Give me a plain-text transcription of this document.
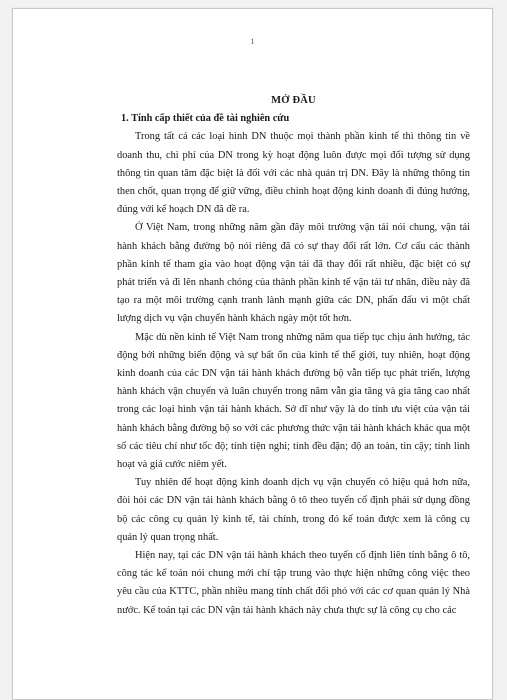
1

MỞ ĐẦU

1. Tính cấp thiết của đề tài nghiên cứu

Trong tất cả các loại hình DN thuộc mọi thành phần kinh tế thì thông tin về doanh thu, chi phí của DN trong kỳ hoạt động luôn được mọi đối tượng sử dụng thông tin quan tâm đặc biệt là đối với các nhà quản trị DN. Đây là những thông tin then chốt, quan trọng để giữ vững, điều chỉnh hoạt động kinh doanh đi đúng hướng, đúng với kế hoạch DN đã đề ra.

Ở Việt Nam, trong những năm gần đây môi trường vận tải nói chung, vận tải hành khách bằng đường bộ nói riêng đã có sự thay đổi rất lớn. Cơ cấu các thành phần kinh tế tham gia vào hoạt động vận tải đã thay đổi rất nhiều, đặc biệt có sự phát triển và đi lên nhanh chóng của thành phần kinh tế vận tải tư nhân, điều này đã tạo ra một môi trường cạnh tranh lành mạnh giữa các DN, phấn đấu vì một chất lượng dịch vụ vận chuyển hành khách ngày một tốt hơn.

Mặc dù nền kinh tế Việt Nam trong những năm qua tiếp tục chịu ảnh hưởng, tác động bởi những biến động và sự bất ổn của kinh tế thế giới, tuy nhiên, hoạt động kinh doanh của các DN vận tải hành khách đường bộ vẫn tiếp tục phát triển, lượng hành khách vận chuyển và luân chuyển trong năm vẫn gia tăng và gia tăng cao nhất trong các loại hình vận tải hành khách. Sở dĩ như vậy là do tính ưu việt của vận tải hành khách bằng đường bộ so với các phương thức vận tải hành khách khác qua một số các tiêu chí như tốc độ; tính tiện nghi; tính đều đặn; độ an toàn, tin cậy; tính linh hoạt và giá cước niêm yết.

Tuy nhiên để hoạt động kinh doanh dịch vụ vận chuyển có hiệu quả hơn nữa, đòi hỏi các DN vận tải hành khách bằng ô tô theo tuyến cố định phải sử dụng đồng bộ các công cụ quản lý kinh tế, tài chính, trong đó kế toán được xem là công cụ quản lý quan trọng nhất.

Hiện nay, tại các DN vận tải hành khách theo tuyến cố định liên tỉnh bằng ô tô, công tác kế toán nói chung mới chỉ tập trung vào thực hiện những công việc theo yêu cầu của KTTC, phần nhiều mang tính chất đối phó với các cơ quan quản lý Nhà nước. Kế toán tại các DN vận tải hành khách này chưa thực sự là công cụ cho các
